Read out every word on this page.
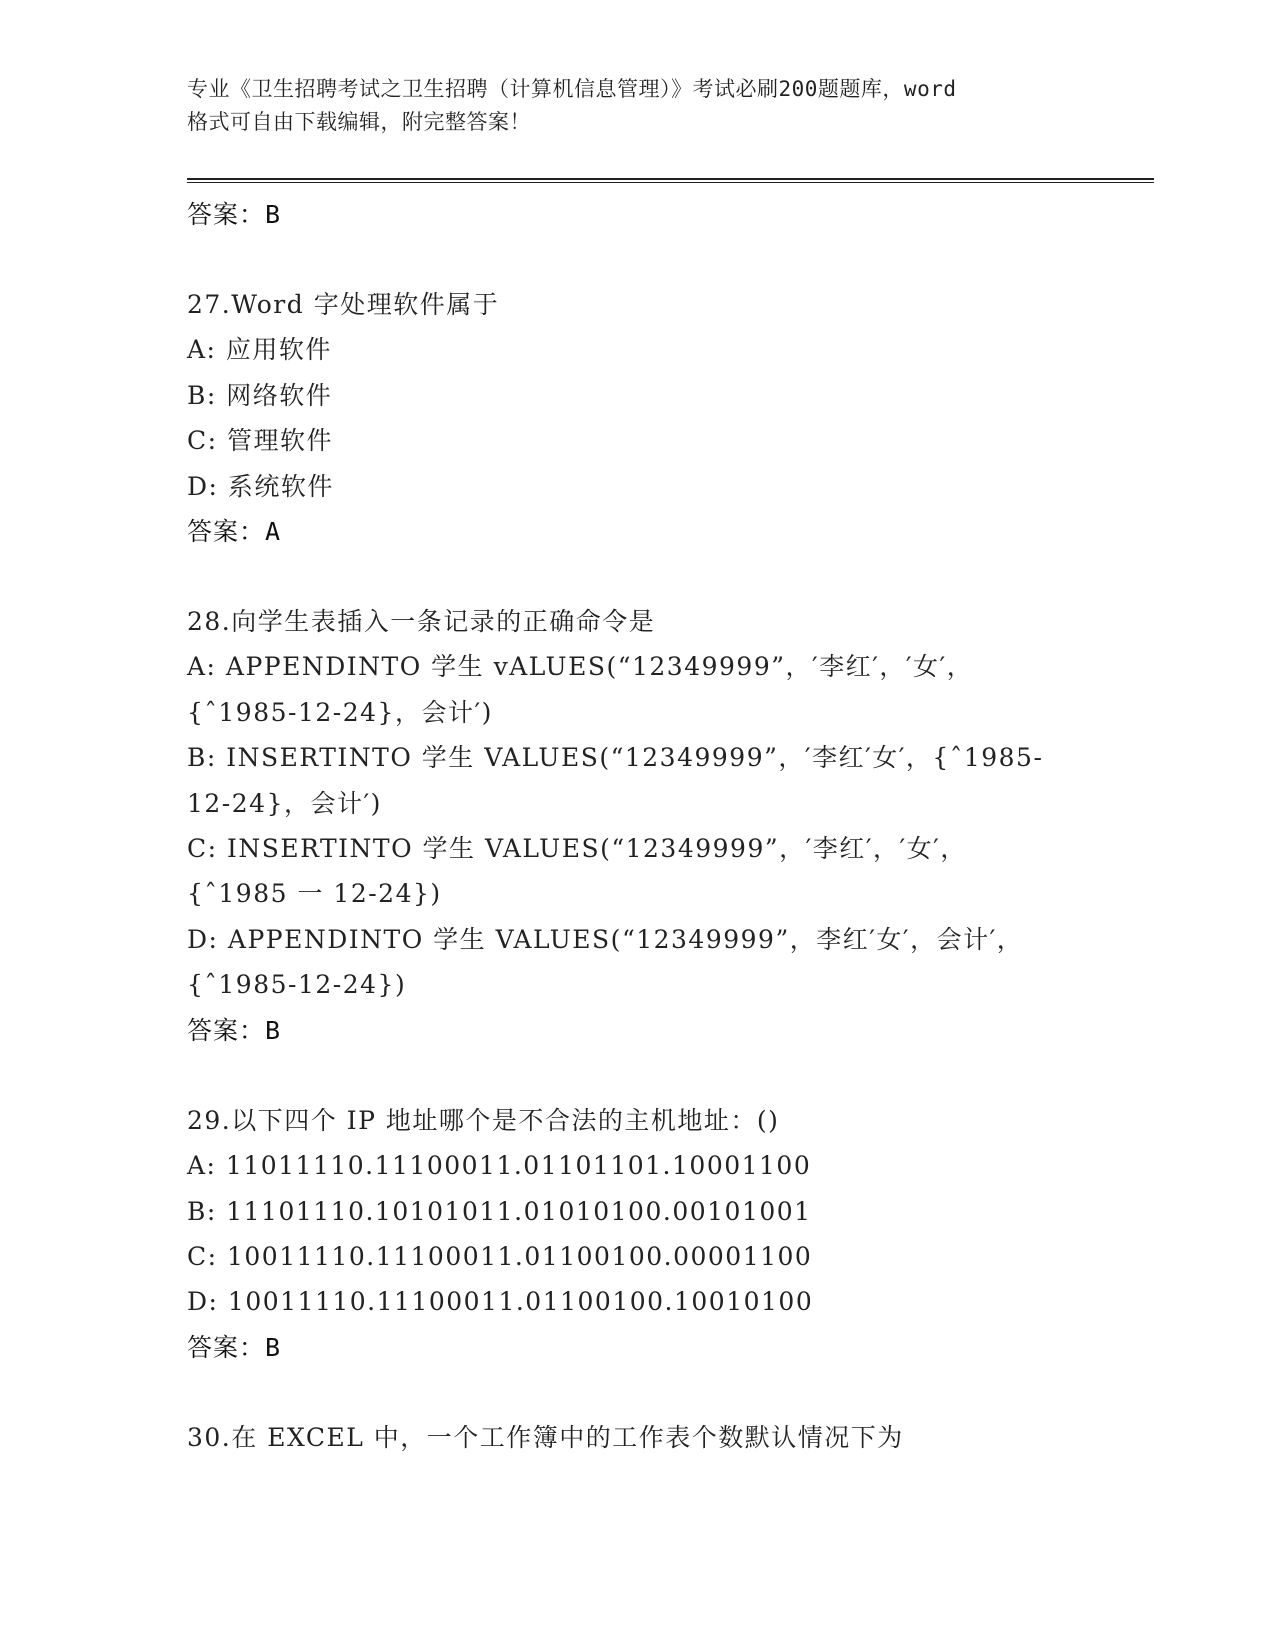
专业《卫生招聘考试之卫生招聘（计算机信息管理）》考试必刷200题题库，word
格式可自由下载编辑，附完整答案！
答案：B
27.Word 字处理软件属于
A: 应用软件
B: 网络软件
C: 管理软件
D: 系统软件
答案：A
28.向学生表插入一条记录的正确命令是
A: APPENDINTO 学生 vALUES(“12349999”，′李红′，′女′，
{ˆ1985-12-24}，会计′)
B: INSERTINTO 学生 VALUES(“12349999”，′李红′女′，{ˆ1985-
12-24}，会计′)
C: INSERTINTO 学生 VALUES(“12349999”，′李红′，′女′，
{ˆ1985 一 12-24})
D: APPENDINTO 学生 VALUES(“12349999”，李红′女′，会计′，
{ˆ1985-12-24})
答案：B
29.以下四个 IP 地址哪个是不合法的主机地址：()
A: 11011110.11100011.01101101.10001100
B: 11101110.10101011.01010100.00101001
C: 10011110.11100011.01100100.00001100
D: 10011110.11100011.01100100.10010100
答案：B
30.在 EXCEL 中，一个工作簿中的工作表个数默认情况下为
